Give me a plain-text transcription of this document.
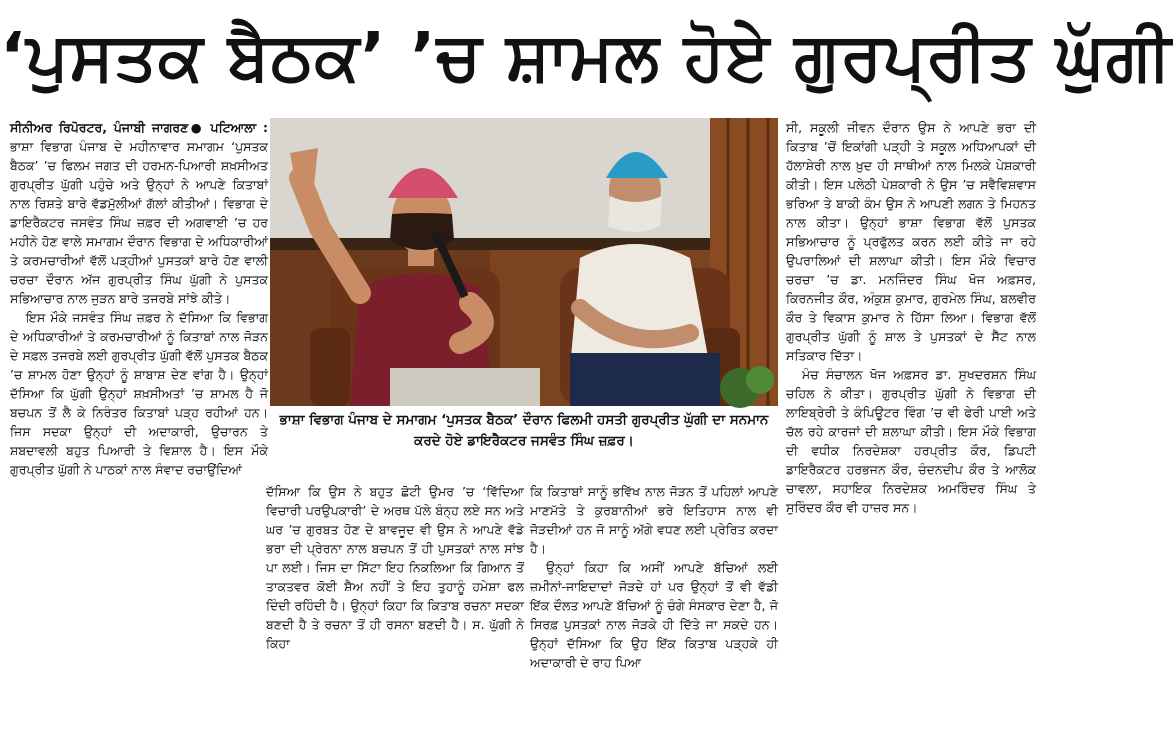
‘ਪੁਸਤਕ ਬੈਠਕ’ ’ਚ ਸ਼ਾਮਲ ਹੋਏ ਗੁਰਪ੍ਰੀਤ ਘੁੱਗੀ

ਸੀਨੀਅਰ ਰਿਪੋਰਟਰ, ਪੰਜਾਬੀ ਜਾਗਰਣ● ਪਟਿਆਲਾ : ਭਾਸ਼ਾ ਵਿਭਾਗ ਪੰਜਾਬ ਦੇ ਮਹੀਨਾਵਾਰ ਸਮਾਗਮ ‘ਪੁਸਤਕ ਬੈਠਕ’ ’ਚ ਫਿਲਮ ਜਗਤ ਦੀ ਹਰਮਨ-ਪਿਆਰੀ ਸ਼ਖ਼ਸੀਅਤ ਗੁਰਪ੍ਰੀਤ ਘੁੱਗੀ ਪਹੁੰਚੇ ਅਤੇ ਉਨ੍ਹਾਂ ਨੇ ਆਪਣੇ ਕਿਤਾਬਾਂ ਨਾਲ ਰਿਸ਼ਤੇ ਬਾਰੇ ਵੱਡਮੁੱਲੀਆਂ ਗੱਲਾਂ ਕੀਤੀਆਂ। ਵਿਭਾਗ ਦੇ ਡਾਇਰੈਕਟਰ ਜਸਵੰਤ ਸਿੰਘ ਜ਼ਫ਼ਰ ਦੀ ਅਗਵਾਈ ’ਚ ਹਰ ਮਹੀਨੇ ਹੋਣ ਵਾਲੇ ਸਮਾਗਮ ਦੌਰਾਨ ਵਿਭਾਗ ਦੇ ਅਧਿਕਾਰੀਆਂ ਤੇ ਕਰਮਚਾਰੀਆਂ ਵੱਲੋਂ ਪੜ੍ਹੀਆਂ ਪੁਸਤਕਾਂ ਬਾਰੇ ਹੋਣ ਵਾਲੀ ਚਰਚਾ ਦੌਰਾਨ ਅੱਜ ਗੁਰਪ੍ਰੀਤ ਸਿੰਘ ਘੁੱਗੀ ਨੇ ਪੁਸਤਕ ਸਭਿਆਚਾਰ ਨਾਲ ਜੁੜਨ ਬਾਰੇ ਤਜਰਬੇ ਸਾਂਝੇ ਕੀਤੇ।

ਇਸ ਮੌਕੇ ਜਸਵੰਤ ਸਿੰਘ ਜ਼ਫ਼ਰ ਨੇ ਦੱਸਿਆ ਕਿ ਵਿਭਾਗ ਦੇ ਅਧਿਕਾਰੀਆਂ ਤੇ ਕਰਮਚਾਰੀਆਂ ਨੂੰ ਕਿਤਾਬਾਂ ਨਾਲ ਜੋੜਨ ਦੇ ਸਫ਼ਲ ਤਜਰਬੇ ਲਈ ਗੁਰਪ੍ਰੀਤ ਘੁੱਗੀ ਵੱਲੋਂ ਪੁਸਤਕ ਬੈਠਕ ’ਚ ਸ਼ਾਮਲ ਹੋਣਾ ਉਨ੍ਹਾਂ ਨੂੰ ਸ਼ਾਬਾਸ਼ ਦੇਣ ਵਾਂਗ ਹੈ। ਉਨ੍ਹਾਂ ਦੱਸਿਆ ਕਿ ਘੁੱਗੀ ਉਨ੍ਹਾਂ ਸ਼ਖ਼ਸੀਅਤਾਂ ’ਚ ਸ਼ਾਮਲ ਹੈ ਜੋ ਬਚਪਨ ਤੋਂ ਲੈ ਕੇ ਨਿਰੰਤਰ ਕਿਤਾਬਾਂ ਪੜ੍ਹ ਰਹੀਆਂ ਹਨ। ਜਿਸ ਸਦਕਾ ਉਨ੍ਹਾਂ ਦੀ ਅਦਾਕਾਰੀ, ਉਚਾਰਨ ਤੇ ਸ਼ਬਦਾਵਲੀ ਬਹੁਤ ਪਿਆਰੀ ਤੇ ਵਿਸ਼ਾਲ ਹੈ। ਇਸ ਮੌਕੇ ਗੁਰਪ੍ਰੀਤ ਘੁੱਗੀ ਨੇ ਪਾਠਕਾਂ ਨਾਲ ਸੰਵਾਦ ਰਚਾਉਂਦਿਆਂ

ਭਾਸ਼ਾ ਵਿਭਾਗ ਪੰਜਾਬ ਦੇ ਸਮਾਗਮ ‘ਪੁਸਤਕ ਬੈਠਕ’ ਦੌਰਾਨ ਫਿਲਮੀ ਹਸਤੀ ਗੁਰਪ੍ਰੀਤ ਘੁੱਗੀ ਦਾ ਸਨਮਾਨ ਕਰਦੇ ਹੋਏ ਡਾਇਰੈਕਟਰ ਜਸਵੰਤ ਸਿੰਘ ਜ਼ਫ਼ਰ।

ਦੱਸਿਆ ਕਿ ਉਸ ਨੇ ਬਹੁਤ ਛੋਟੀ ਉਮਰ ’ਚ ‘ਵਿੱਦਿਆ ਵਿਚਾਰੀ ਪਰਉਪਕਾਰੀ’ ਦੇ ਅਰਥ ਪੱਲੇ ਬੰਨ੍ਹ ਲਏ ਸਨ ਅਤੇ ਘਰ ’ਚ ਗੁਰਬਤ ਹੋਣ ਦੇ ਬਾਵਜੂਦ ਵੀ ਉਸ ਨੇ ਆਪਣੇ ਵੱਡੇ ਭਰਾ ਦੀ ਪ੍ਰੇਰਨਾ ਨਾਲ ਬਚਪਨ ਤੋਂ ਹੀ ਪੁਸਤਕਾਂ ਨਾਲ ਸਾਂਝ ਪਾ ਲਈ। ਜਿਸ ਦਾ ਸਿੱਟਾ ਇਹ ਨਿਕਲਿਆ ਕਿ ਗਿਆਨ ਤੋਂ ਤਾਕਤਵਰ ਕੋਈ ਸ਼ੈਅ ਨਹੀਂ ਤੇ ਇਹ ਤੁਹਾਨੂੰ ਹਮੇਸ਼ਾ ਫਲ ਦਿੰਦੀ ਰਹਿੰਦੀ ਹੈ। ਉਨ੍ਹਾਂ ਕਿਹਾ ਕਿ ਕਿਤਾਬ ਰਚਨਾ ਸਦਕਾ ਬਣਦੀ ਹੈ ਤੇ ਰਚਨਾ ਤੋਂ ਹੀ ਰਸਨਾ ਬਣਦੀ ਹੈ। ਸ. ਘੁੱਗੀ ਨੇ ਕਿਹਾ

ਕਿ ਕਿਤਾਬਾਂ ਸਾਨੂੰ ਭਵਿੱਖ ਨਾਲ ਜੋੜਨ ਤੋਂ ਪਹਿਲਾਂ ਆਪਣੇ ਮਾਣਮੱਤੇ ਤੇ ਕੁਰਬਾਨੀਆਂ ਭਰੇ ਇਤਿਹਾਸ ਨਾਲ ਵੀ ਜੋੜਦੀਆਂ ਹਨ ਜੋ ਸਾਨੂੰ ਅੱਗੇ ਵਧਣ ਲਈ ਪ੍ਰੇਰਿਤ ਕਰਦਾ ਹੈ।

ਉਨ੍ਹਾਂ ਕਿਹਾ ਕਿ ਅਸੀਂ ਆਪਣੇ ਬੱਚਿਆਂ ਲਈ ਜ਼ਮੀਨਾਂ-ਜਾਇਦਾਦਾਂ ਜੋੜਦੇ ਹਾਂ ਪਰ ਉਨ੍ਹਾਂ ਤੋਂ ਵੀ ਵੱਡੀ ਇੱਕ ਦੌਲਤ ਆਪਣੇ ਬੱਚਿਆਂ ਨੂੰ ਚੰਗੇ ਸੰਸਕਾਰ ਦੇਣਾ ਹੈ, ਜੋ ਸਿਰਫ਼ ਪੁਸਤਕਾਂ ਨਾਲ ਜੋੜਕੇ ਹੀ ਦਿੱਤੇ ਜਾ ਸਕਦੇ ਹਨ। ਉਨ੍ਹਾਂ ਦੱਸਿਆ ਕਿ ਉਹ ਇੱਕ ਕਿਤਾਬ ਪੜ੍ਹਕੇ ਹੀ ਅਦਾਕਾਰੀ ਦੇ ਰਾਹ ਪਿਆ

ਸੀ, ਸਕੂਲੀ ਜੀਵਨ ਦੌਰਾਨ ਉਸ ਨੇ ਆਪਣੇ ਭਰਾ ਦੀ ਕਿਤਾਬ ’ਚੋਂ ਇਕਾਂਗੀ ਪੜ੍ਹੀ ਤੇ ਸਕੂਲ ਅਧਿਆਪਕਾਂ ਦੀ ਹੱਲਾਸ਼ੇਰੀ ਨਾਲ ਖ਼ੁਦ ਹੀ ਸਾਥੀਆਂ ਨਾਲ ਮਿਲਕੇ ਪੇਸ਼ਕਾਰੀ ਕੀਤੀ। ਇਸ ਪਲੇਠੀ ਪੇਸ਼ਕਾਰੀ ਨੇ ਉਸ ’ਚ ਸਵੈਵਿਸ਼ਵਾਸ ਭਰਿਆ ਤੇ ਬਾਕੀ ਕੰਮ ਉਸ ਨੇ ਆਪਣੀ ਲਗਨ ਤੇ ਮਿਹਨਤ ਨਾਲ ਕੀਤਾ। ਉਨ੍ਹਾਂ ਭਾਸ਼ਾ ਵਿਭਾਗ ਵੱਲੋਂ ਪੁਸਤਕ ਸਭਿਆਚਾਰ ਨੂੰ ਪ੍ਰਫੁੱਲਤ ਕਰਨ ਲਈ ਕੀਤੇ ਜਾ ਰਹੇ ਉਪਰਾਲਿਆਂ ਦੀ ਸ਼ਲਾਘਾ ਕੀਤੀ। ਇਸ ਮੌਕੇ ਵਿਚਾਰ ਚਰਚਾ ’ਚ ਡਾ. ਮਨਜਿੰਦਰ ਸਿੰਘ ਖੋਜ ਅਫ਼ਸਰ, ਕਿਰਨਜੀਤ ਕੌਰ, ਅੰਕੁਸ਼ ਕੁਮਾਰ, ਗੁਰਮੇਲ ਸਿੰਘ, ਬਲਵੀਰ ਕੌਰ ਤੇ ਵਿਕਾਸ ਕੁਮਾਰ ਨੇ ਹਿੱਸਾ ਲਿਆ। ਵਿਭਾਗ ਵੱਲੋਂ ਗੁਰਪ੍ਰੀਤ ਘੁੱਗੀ ਨੂੰ ਸ਼ਾਲ ਤੇ ਪੁਸਤਕਾਂ ਦੇ ਸੈੱਟ ਨਾਲ ਸਤਿਕਾਰ ਦਿੱਤਾ।

ਮੰਚ ਸੰਚਾਲਨ ਖੋਜ ਅਫ਼ਸਰ ਡਾ. ਸੁਖਦਰਸ਼ਨ ਸਿੰਘ ਚਹਿਲ ਨੇ ਕੀਤਾ। ਗੁਰਪ੍ਰੀਤ ਘੁੱਗੀ ਨੇ ਵਿਭਾਗ ਦੀ ਲਾਇਬ੍ਰੇਰੀ ਤੇ ਕੰਪਿਊਟਰ ਵਿੰਗ ’ਚ ਵੀ ਫੇਰੀ ਪਾਈ ਅਤੇ ਚੱਲ ਰਹੇ ਕਾਰਜਾਂ ਦੀ ਸ਼ਲਾਘਾ ਕੀਤੀ। ਇਸ ਮੌਕੇ ਵਿਭਾਗ ਦੀ ਵਧੀਕ ਨਿਰਦੇਸ਼ਕਾ ਹਰਪ੍ਰੀਤ ਕੌਰ, ਡਿਪਟੀ ਡਾਇਰੈਕਟਰ ਹਰਭਜਨ ਕੌਰ, ਚੰਦਨਦੀਪ ਕੌਰ ਤੇ ਆਲੋਕ ਚਾਵਲਾ, ਸਹਾਇਕ ਨਿਰਦੇਸ਼ਕ ਅਮਰਿੰਦਰ ਸਿੰਘ ਤੇ ਸੁਰਿੰਦਰ ਕੌਰ ਵੀ ਹਾਜ਼ਰ ਸਨ।
